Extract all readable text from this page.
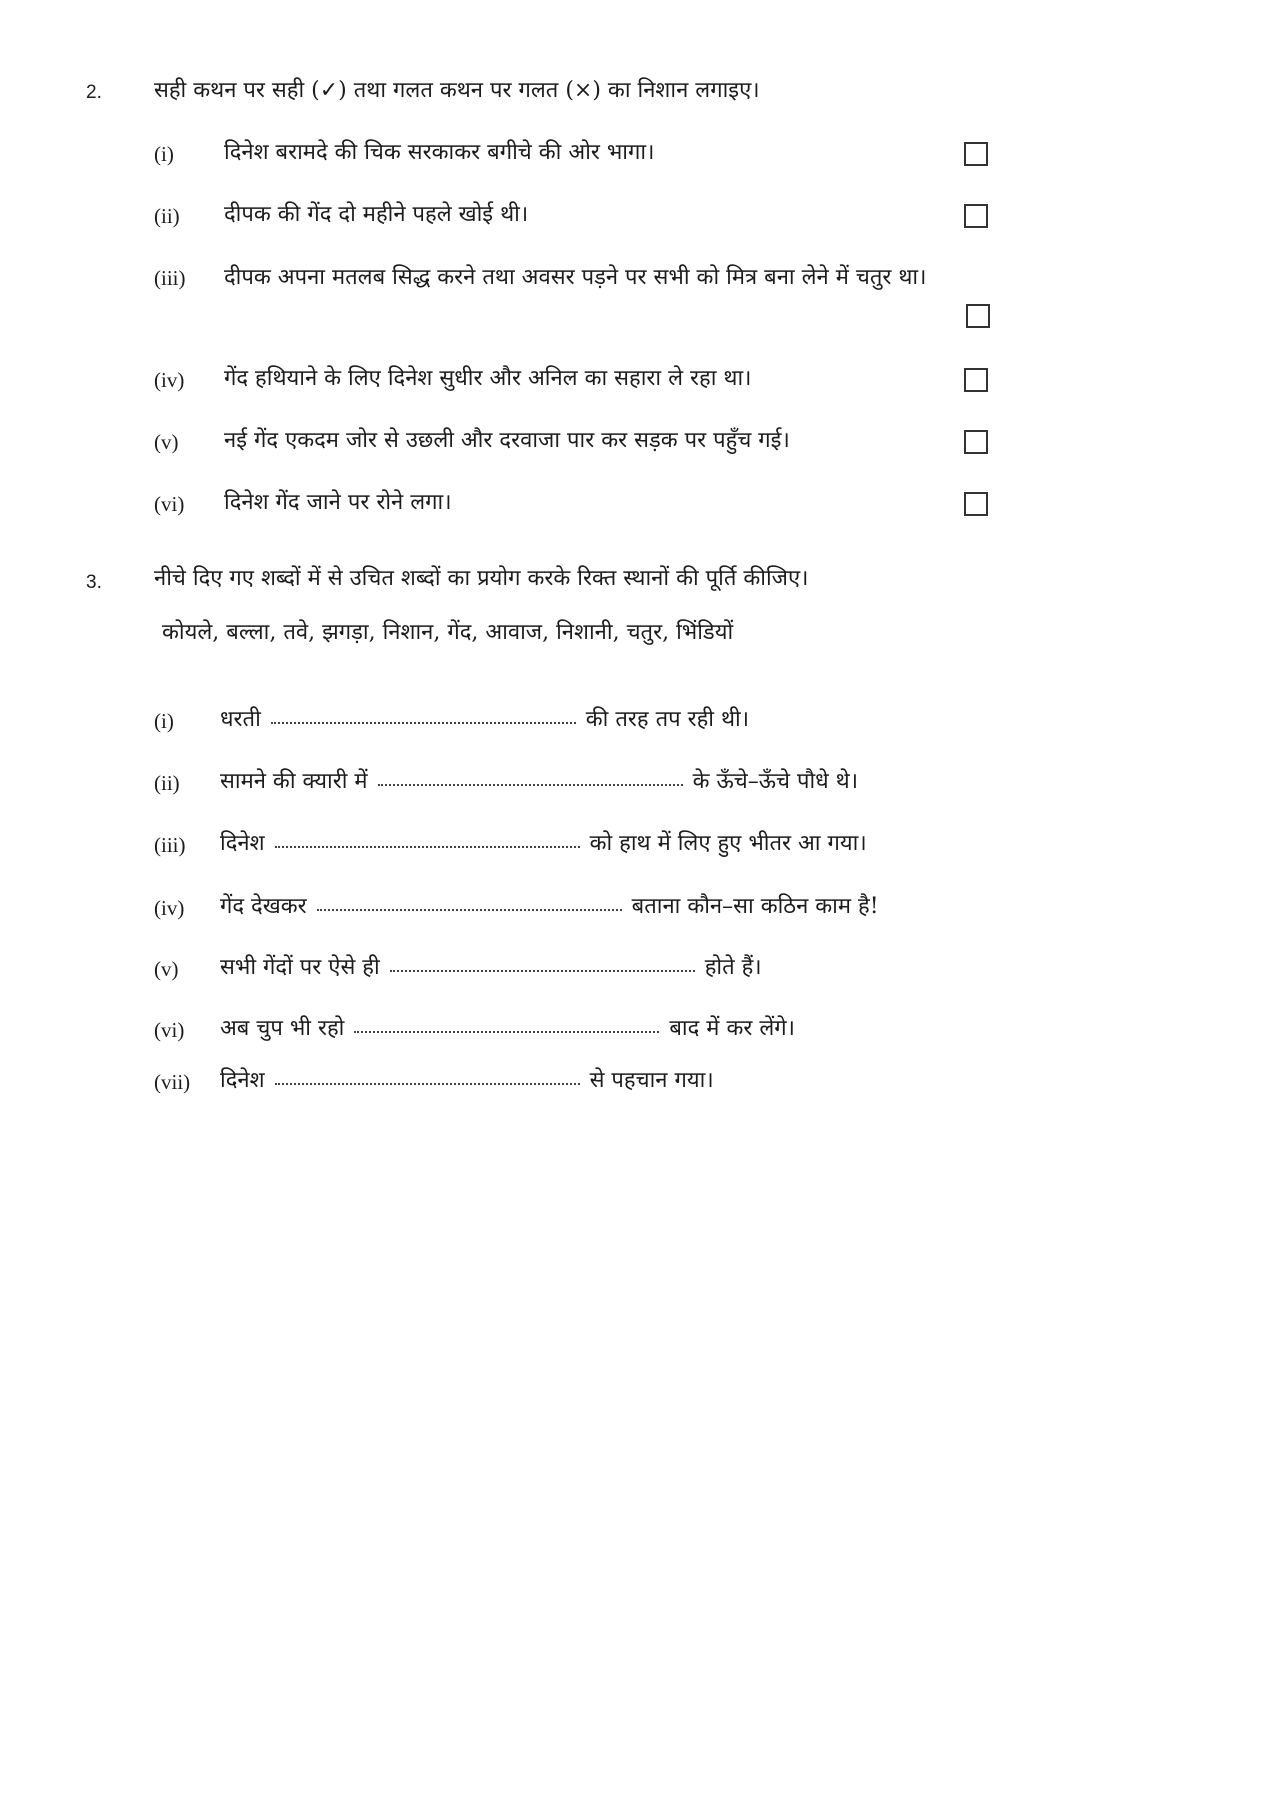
2.	सही कथन पर सही (✓) तथा गलत कथन पर गलत (×) का निशान लगाइए।
(i)	दिनेश बरामदे की चिक सरकाकर बगीचे की ओर भागा।
(ii)	दीपक की गेंद दो महीने पहले खोई थी।
(iii)	दीपक अपना मतलब सिद्ध करने तथा अवसर पड़ने पर सभी को मित्र बना लेने में चतुर था।
(iv)	गेंद हथियाने के लिए दिनेश सुधीर और अनिल का सहारा ले रहा था।
(v)	नई गेंद एकदम जोर से उछली और दरवाजा पार कर सड़क पर पहुँच गई।
(vi)	दिनेश गेंद जाने पर रोने लगा।
3.	नीचे दिए गए शब्दों में से उचित शब्दों का प्रयोग करके रिक्त स्थानों की पूर्ति कीजिए।
कोयले, बल्ला, तवे, झगड़ा, निशान, गेंद, आवाज, निशानी, चतुर, भिंडियों
(i)	धरती	की तरह तप रही थी।
(ii)	सामने की क्यारी में	के ऊँचे–ऊँचे पौधे थे।
(iii)	दिनेश	को हाथ में लिए हुए भीतर आ गया।
(iv)	गेंद देखकर	बताना कौन–सा कठिन काम है!
(v)	सभी गेंदों पर ऐसे ही	होते हैं।
(vi)	अब चुप भी रहो	बाद में कर लेंगे।
(vii)	दिनेश	से पहचान गया।
